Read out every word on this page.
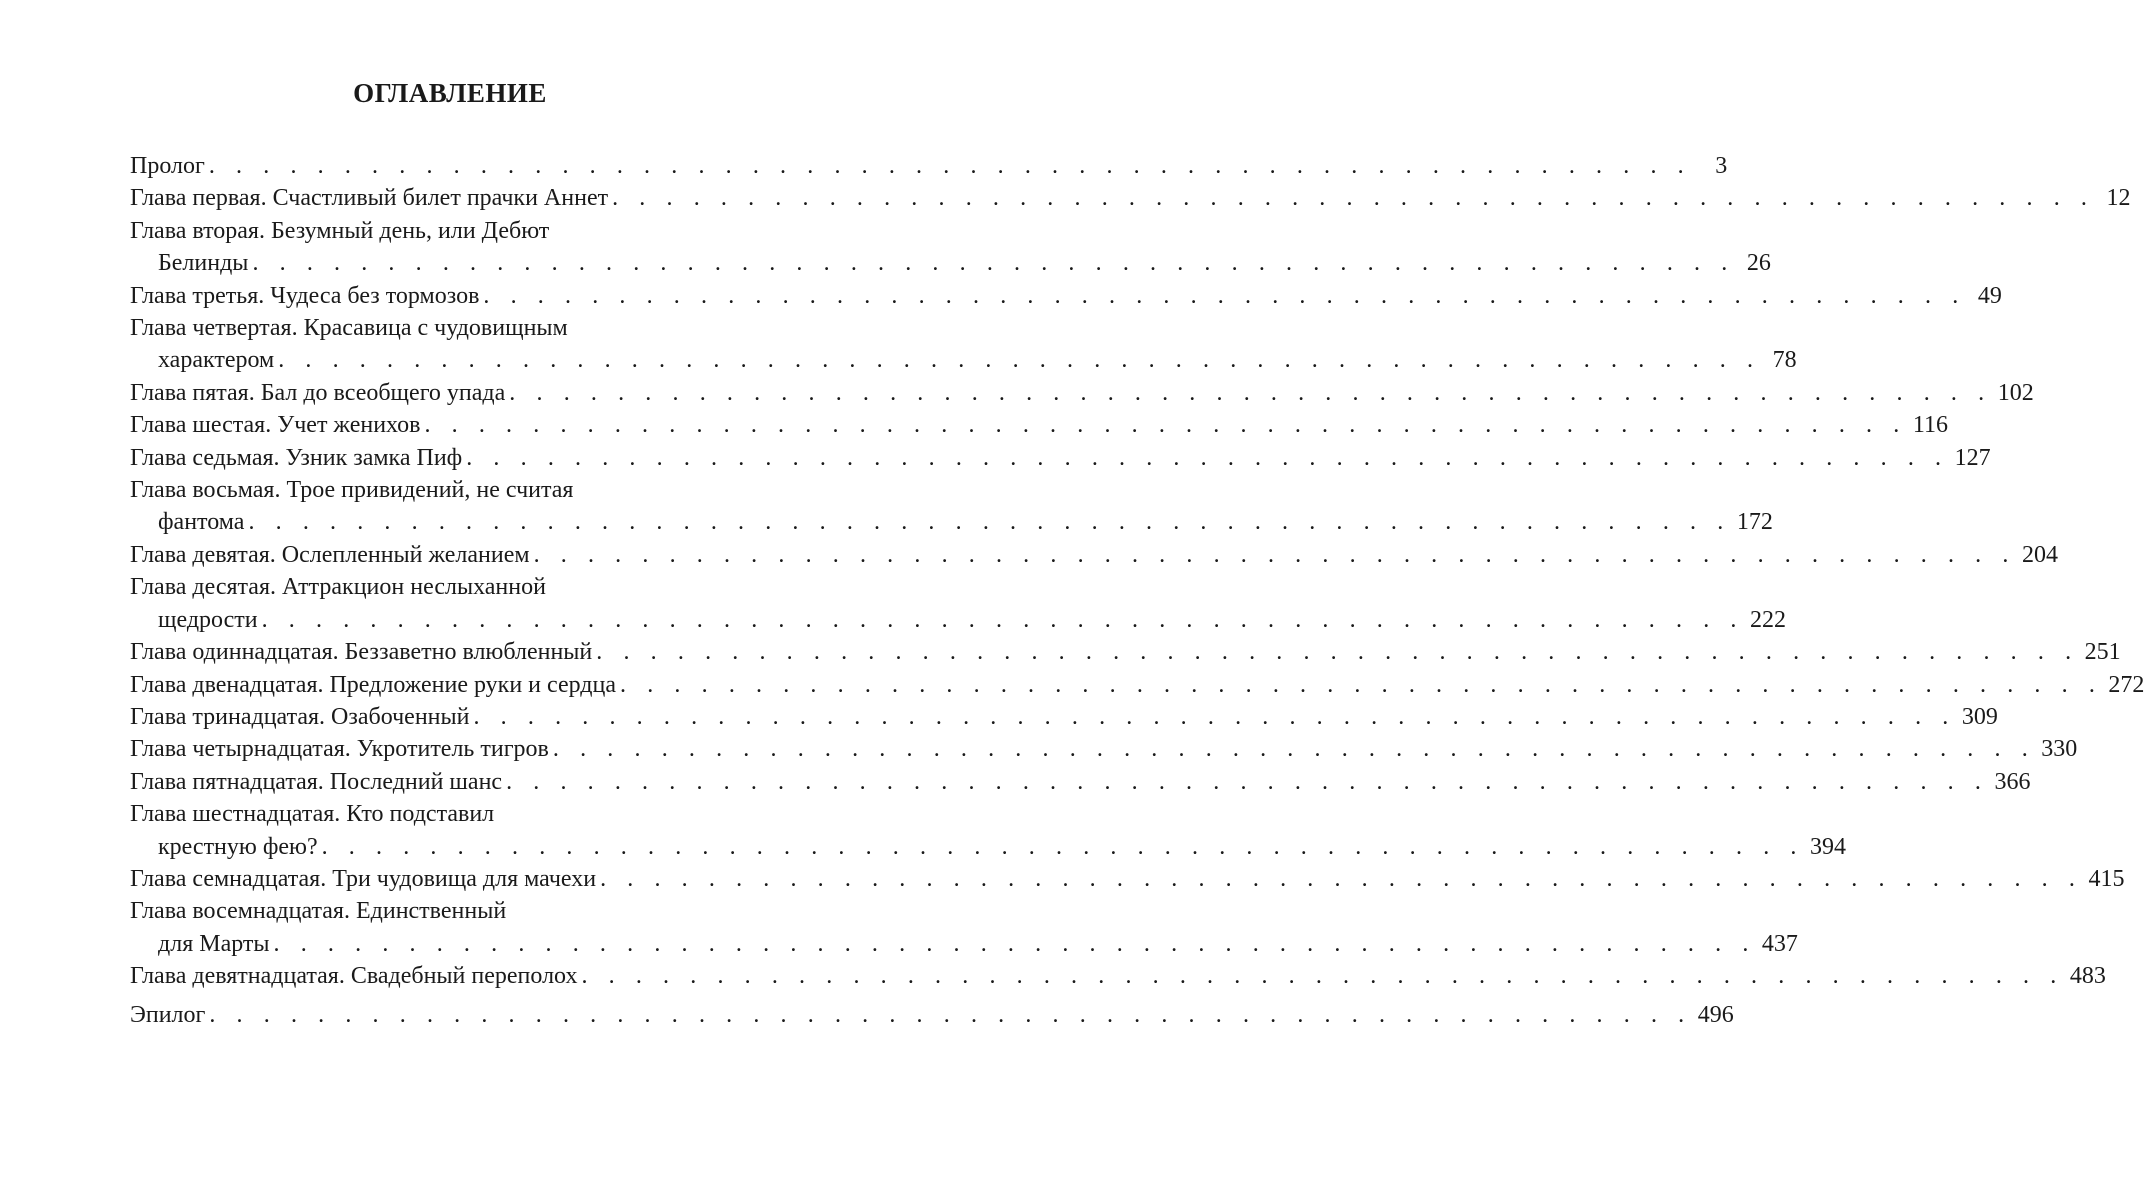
ОГЛАВЛЕНИЕ
Пролог . . . . . . . . . . . . . . . . . . . . . . . . . . . . . . . . . . . . . . . . . . . . . . . . . . . . . . .	3
Глава первая. Счастливый билет прачки Аннет . . . . . . . . . . . . . . . . . . . . . . . . . . . . . . . . . . . . . . . . . . . . . . . . . . . . . . . 12
Глава вторая. Безумный день, или Дебют
Белинды . . . . . . . . . . . . . . . . . . . . . . . . . . . . . . . . . . . . . . . . . . . . . . . . . . . . . . . 26
Глава третья. Чудеса без тормозов . . . . . . . . . . . . . . . . . . . . . . . . . . . . . . . . . . . . . . . . . . . . . . . . . . . . . . . 49
Глава четвертая. Красавица с чудовищным
характером . . . . . . . . . . . . . . . . . . . . . . . . . . . . . . . . . . . . . . . . . . . . . . . . . . . . . . . 78
Глава пятая. Бал до всеобщего упада . . . . . . . . . . . . . . . . . . . . . . . . . . . . . . . . . . . . . . . . . . . . . . . . . . . . . . . 102
Глава шестая. Учет женихов . . . . . . . . . . . . . . . . . . . . . . . . . . . . . . . . . . . . . . . . . . . . . . . . . . . . . . . 116
Глава седьмая. Узник замка Пиф . . . . . . . . . . . . . . . . . . . . . . . . . . . . . . . . . . . . . . . . . . . . . . . . . . . . . . . 127
Глава восьмая. Трое привидений, не считая
фантома . . . . . . . . . . . . . . . . . . . . . . . . . . . . . . . . . . . . . . . . . . . . . . . . . . . . . . . 172
Глава девятая. Ослепленный желанием . . . . . . . . . . . . . . . . . . . . . . . . . . . . . . . . . . . . . . . . . . . . . . . . . . . . . . . 204
Глава десятая. Аттракцион неслыханной
щедрости . . . . . . . . . . . . . . . . . . . . . . . . . . . . . . . . . . . . . . . . . . . . . . . . . . . . . . . 222
Глава одиннадцатая. Беззаветно влюбленный . . . . . . . . . . . . . . . . . . . . . . . . . . . . . . . . . . . . . . . . . . . . . . . . . . . . . . . 251
Глава двенадцатая. Предложение руки и сердца . . . . . . . . . . . . . . . . . . . . . . . . . . . . . . . . . . . . . . . . . . . . . . . . . . . . . . . 272
Глава тринадцатая. Озабоченный . . . . . . . . . . . . . . . . . . . . . . . . . . . . . . . . . . . . . . . . . . . . . . . . . . . . . . . 309
Глава четырнадцатая. Укротитель тигров . . . . . . . . . . . . . . . . . . . . . . . . . . . . . . . . . . . . . . . . . . . . . . . . . . . . . . . 330
Глава пятнадцатая. Последний шанс . . . . . . . . . . . . . . . . . . . . . . . . . . . . . . . . . . . . . . . . . . . . . . . . . . . . . . . 366
Глава шестнадцатая. Кто подставил
крестную фею? . . . . . . . . . . . . . . . . . . . . . . . . . . . . . . . . . . . . . . . . . . . . . . . . . . . . . . . 394
Глава семнадцатая. Три чудовища для мачехи . . . . . . . . . . . . . . . . . . . . . . . . . . . . . . . . . . . . . . . . . . . . . . . . . . . . . . . 415
Глава восемнадцатая. Единственный
для Марты . . . . . . . . . . . . . . . . . . . . . . . . . . . . . . . . . . . . . . . . . . . . . . . . . . . . . . . 437
Глава девятнадцатая. Свадебный переполох . . . . . . . . . . . . . . . . . . . . . . . . . . . . . . . . . . . . . . . . . . . . . . . . . . . . . . . 483
Эпилог . . . . . . . . . . . . . . . . . . . . . . . . . . . . . . . . . . . . . . . . . . . . . . . . . . . . . . . 496
